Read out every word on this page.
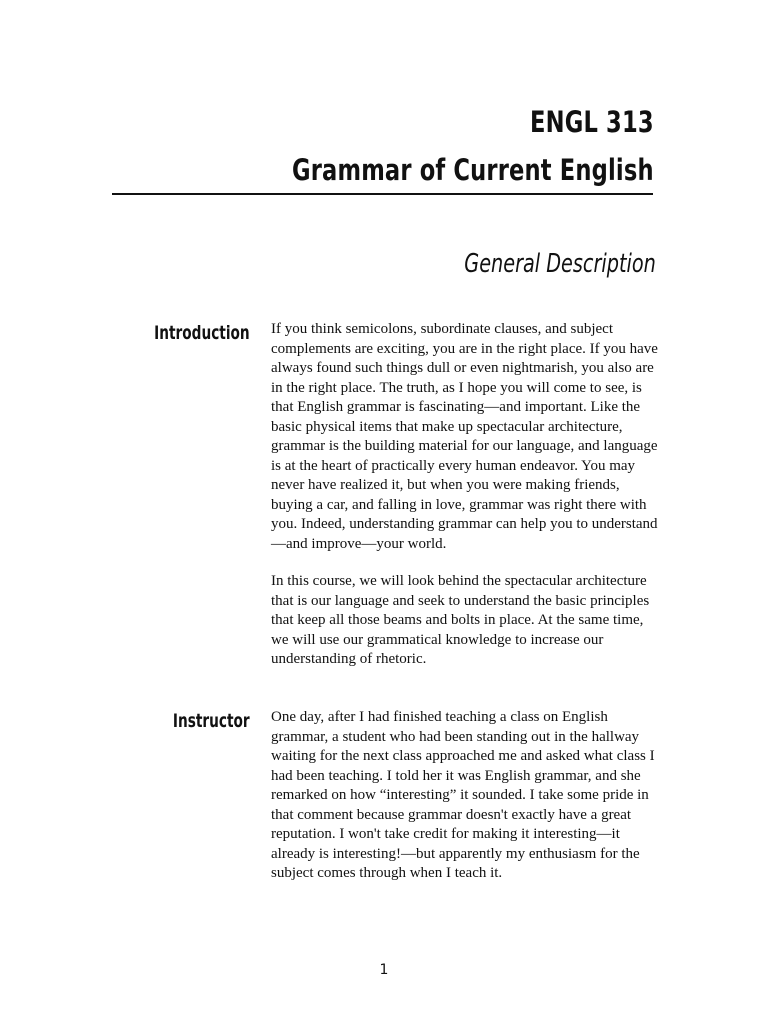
ENGL 313
Grammar of Current English
General Description
Introduction If you think semicolons, subordinate clauses, and subject complements are exciting, you are in the right place. If you have always found such things dull or even nightmarish, you also are in the right place. The truth, as I hope you will come to see, is that English grammar is fascinating—and important. Like the basic physical items that make up spectacular architecture, grammar is the building material for our language, and language is at the heart of practically every human endeavor. You may never have realized it, but when you were making friends, buying a car, and falling in love, grammar was right there with you. Indeed, understanding grammar can help you to understand—and improve—your world.

In this course, we will look behind the spectacular architecture that is our language and seek to understand the basic principles that keep all those beams and bolts in place. At the same time, we will use our grammatical knowledge to increase our understanding of rhetoric.

Instructor One day, after I had finished teaching a class on English grammar, a student who had been standing out in the hallway waiting for the next class approached me and asked what class I had been teaching. I told her it was English grammar, and she remarked on how “interesting” it sounded. I take some pride in that comment because grammar doesn't exactly have a great reputation. I won't take credit for making it interesting—it already is interesting!—but apparently my enthusiasm for the subject comes through when I teach it.

1
